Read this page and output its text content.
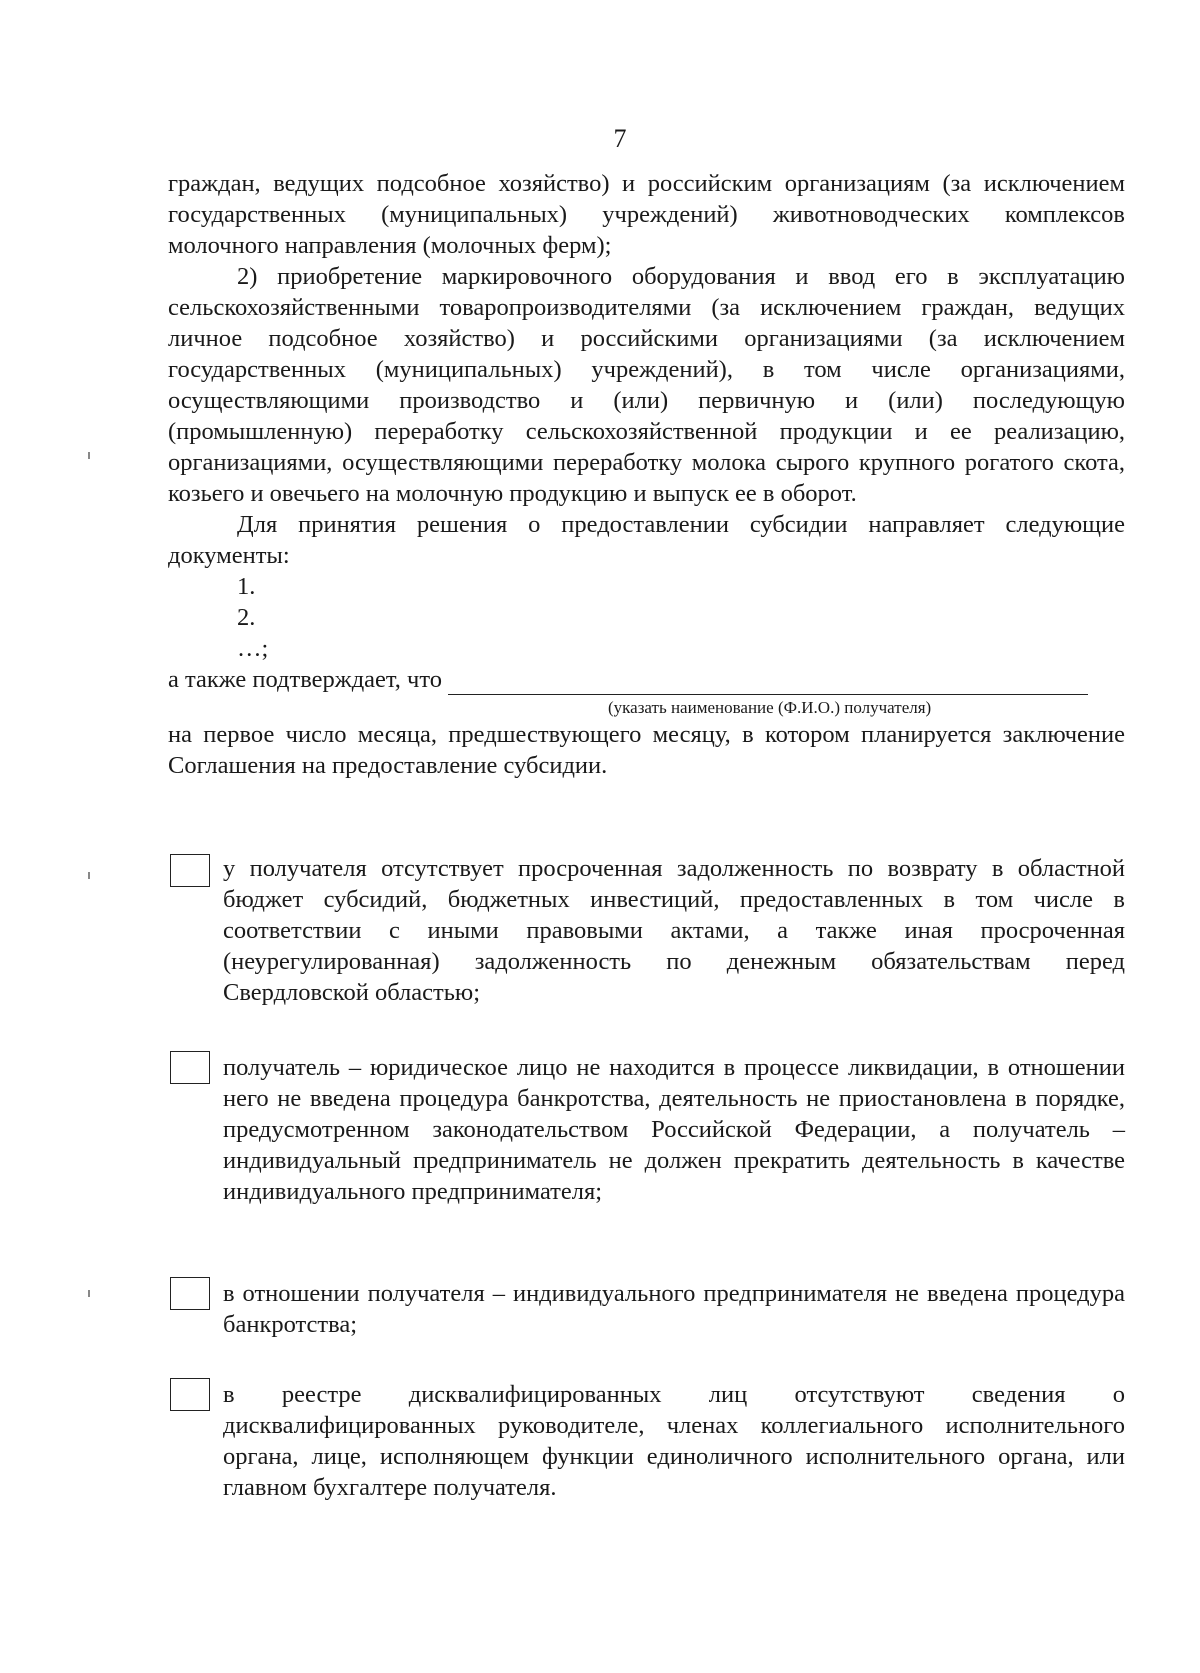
7

граждан, ведущих подсобное хозяйство) и российским организациям (за исключением государственных (муниципальных) учреждений) животноводческих комплексов молочного направления (молочных ферм);

2) приобретение маркировочного оборудования и ввод его в эксплуатацию сельскохозяйственными товаропроизводителями (за исключением граждан, ведущих личное подсобное хозяйство) и российскими организациями (за исключением государственных (муниципальных) учреждений), в том числе организациями, осуществляющими производство и (или) первичную и (или) последующую (промышленную) переработку сельскохозяйственной продукции и ее реализацию, организациями, осуществляющими переработку молока сырого крупного рогатого скота, козьего и овечьего на молочную продукцию и выпуск ее в оборот.

Для принятия решения о предоставлении субсидии направляет следующие документы:

1.

2.

…;

а также подтверждает, что

(указать наименование (Ф.И.О.) получателя)

на первое число месяца, предшествующего месяцу, в котором планируется заключение Соглашения на предоставление субсидии.

у получателя отсутствует просроченная задолженность по возврату в областной бюджет субсидий, бюджетных инвестиций, предоставленных в том числе в соответствии с иными правовыми актами, а также иная просроченная (неурегулированная) задолженность по денежным обязательствам перед Свердловской областью;
получатель – юридическое лицо не находится в процессе ликвидации, в отношении него не введена процедура банкротства, деятельность не приостановлена в порядке, предусмотренном законодательством Российской Федерации, а получатель – индивидуальный предприниматель не должен прекратить деятельность в качестве индивидуального предпринимателя;
в отношении получателя – индивидуального предпринимателя не введена процедура банкротства;
в реестре дисквалифицированных лиц отсутствуют сведения о дисквалифицированных руководителе, членах коллегиального исполнительного органа, лице, исполняющем функции единоличного исполнительного органа, или главном бухгалтере получателя.
